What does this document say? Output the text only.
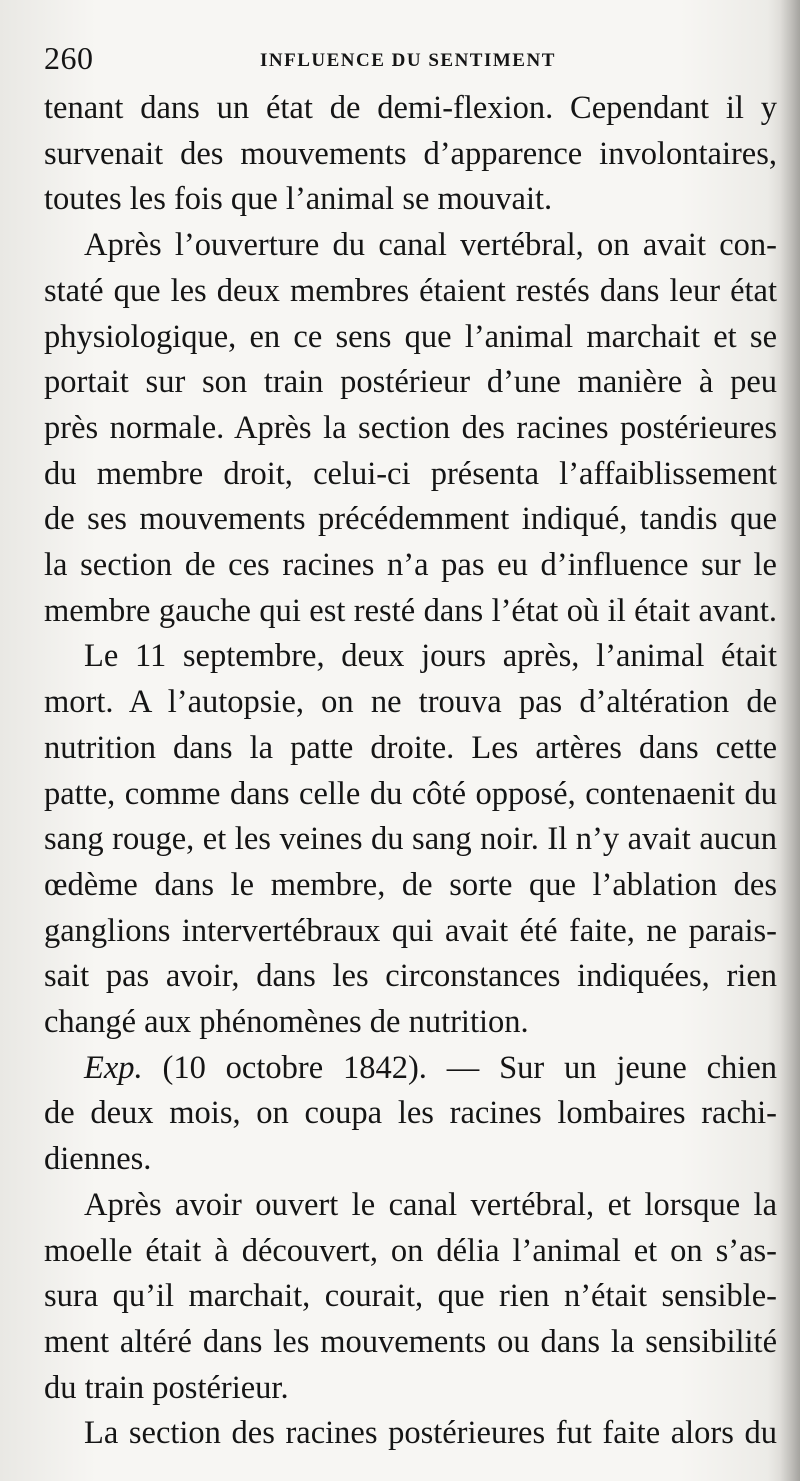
260	INFLUENCE DU SENTIMENT
tenant dans un état de demi-flexion. Cependant il y
survenait des mouvements d’apparence involontaires,
toutes les fois que l’animal se mouvait.
Après l’ouverture du canal vertébral, on avait con-
staté que les deux membres étaient restés dans leur état
physiologique, en ce sens que l’animal marchait et se
portait sur son train postérieur d’une manière à peu
près normale. Après la section des racines postérieures
du membre droit, celui-ci présenta l’affaiblissement
de ses mouvements précédemment indiqué, tandis que
la section de ces racines n’a pas eu d’influence sur le
membre gauche qui est resté dans l’état où il était avant.
Le 11 septembre, deux jours après, l’animal était
mort. A l’autopsie, on ne trouva pas d’altération de
nutrition dans la patte droite. Les artères dans cette
patte, comme dans celle du côté opposé, contenaenit du
sang rouge, et les veines du sang noir. Il n’y avait aucun
œdème dans le membre, de sorte que l’ablation des
ganglions intervertébraux qui avait été faite, ne parais-
sait pas avoir, dans les circonstances indiquées, rien
changé aux phénomènes de nutrition.
Exp. (10 octobre 1842). — Sur un jeune chien
de deux mois, on coupa les racines lombaires rachi-
diennes.
Après avoir ouvert le canal vertébral, et lorsque la
moelle était à découvert, on délia l’animal et on s’as-
sura qu’il marchait, courait, que rien n’était sensible-
ment altéré dans les mouvements ou dans la sensibilité
du train postérieur.
La section des racines postérieures fut faite alors du
